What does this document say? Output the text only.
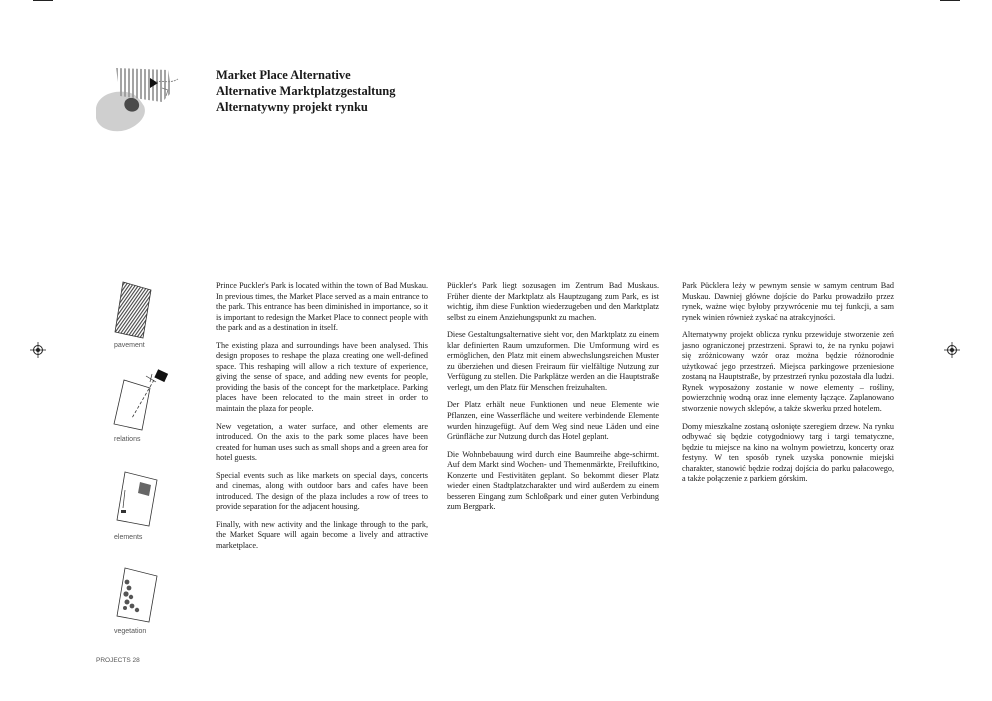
Market Place Alternative
Alternative Marktplatzgestaltung
Alternatywny projekt rynku
pavement
relations
elements
vegetation

Prince Puckler's Park is located within the town of Bad Muskau. In previous times, the Market Place served as a main entrance to the park. This entrance has been diminished in importance, so it is important to redesign the Market Place to connect people with the park and as a destination in itself.

The existing plaza and surroundings have been analysed. This design proposes to reshape the plaza creating one well-defined space. This reshaping will allow a rich texture of experience, giving the sense of space, and adding new events for people, providing the basis of the concept for the marketplace. Parking places have been relocated to the main street in order to maintain the plaza for people.

New vegetation, a water surface, and other elements are introduced. On the axis to the park some places have been created for human uses such as small shops and a green area for hotel guests.

Special events such as like markets on special days, concerts and cinemas, along with outdoor bars and cafes have been introduced. The design of the plaza includes a row of trees to provide separation for the adjacent housing.

Finally, with new activity and the linkage through to the park, the Market Square will again become a lively and attractive marketplace.

Pückler's Park liegt sozusagen im Zentrum Bad Muskaus. Früher diente der Marktplatz als Hauptzugang zum Park, es ist wichtig, ihm diese Funktion wiederzugeben und den Marktplatz selbst zu einem Anziehungspunkt zu machen.

Diese Gestaltungsalternative sieht vor, den Marktplatz zu einem klar definierten Raum umzuformen. Die Umformung wird es ermöglichen, den Platz mit einem abwechslungsreichen Muster zu überziehen und diesen Freiraum für vielfältige Nutzung zur Verfügung zu stellen. Die Parkplätze werden an die Hauptstraße verlegt, um den Platz für Menschen freizuhalten.

Der Platz erhält neue Funktionen und neue Elemente wie Pflanzen, eine Wasserfläche und weitere verbindende Elemente wurden hinzugefügt. Auf dem Weg sind neue Läden und eine Grünfläche zur Nutzung durch das Hotel geplant.

Die Wohnbebauung wird durch eine Baumreihe abge-schirmt. Auf dem Markt sind Wochen- und Themenmärkte, Freiluftkino, Konzerte und Festivitäten geplant. So bekommt dieser Platz wieder einen Stadtplatzcharakter und wird außerdem zu einem besseren Eingang zum Schloßpark und einer guten Verbindung zum Bergpark.

Park Pücklera leży w pewnym sensie w samym centrum Bad Muskau. Dawniej główne dojście do Parku prowadziło przez rynek, ważne więc byłoby przywrócenie mu tej funkcji, a sam rynek winien również zyskać na atrakcyjności.

Alternatywny projekt oblicza rynku przewiduje stworzenie zeń jasno ograniczonej przestrzeni. Sprawi to, że na rynku pojawi się zróżnicowany wzór oraz można będzie różnorodnie użytkować jego przestrzeń. Miejsca parkingowe przeniesione zostaną na Hauptstraße, by przestrzeń rynku pozostała dla ludzi. Rynek wyposażony zostanie w nowe elementy – rośliny, powierzchnię wodną oraz inne elementy łączące. Zaplanowano stworzenie nowych sklepów, a także skwerku przed hotelem.

Domy mieszkalne zostaną osłonięte szeregiem drzew. Na rynku odbywać się będzie cotygodniowy targ i targi tematyczne, będzie tu miejsce na kino na wolnym powietrzu, koncerty oraz festyny. W ten sposób rynek uzyska ponownie miejski charakter, stanowić będzie rodzaj dojścia do parku pałacowego, a także połączenie z parkiem górskim.

PROJECTS 28
